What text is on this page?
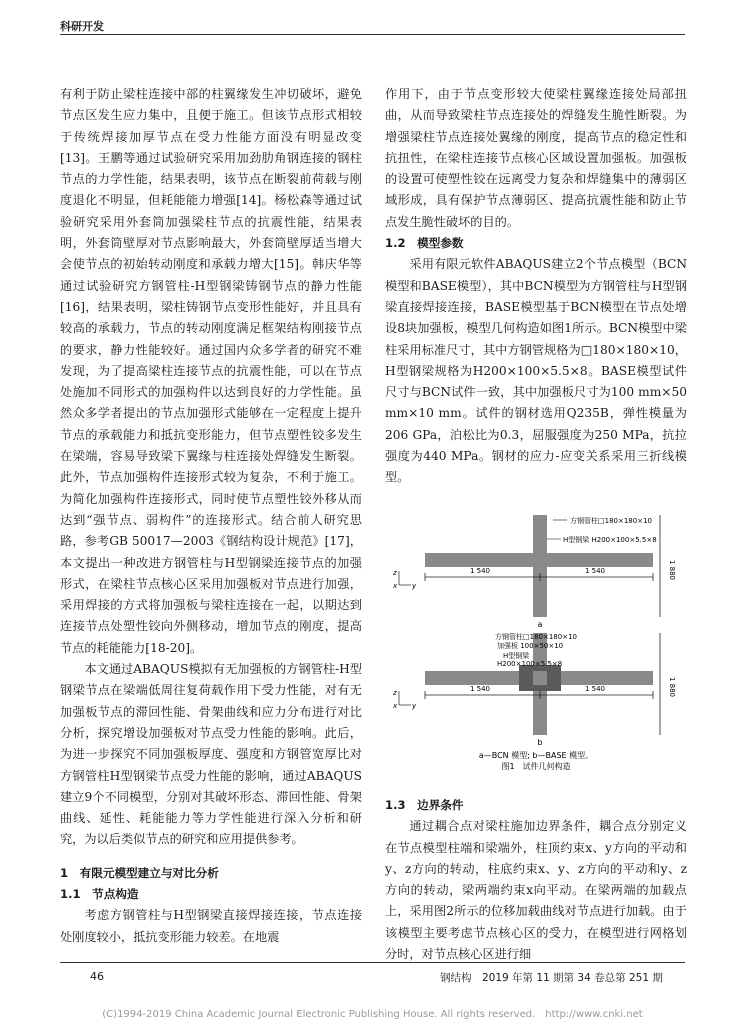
科研开发

有利于防止梁柱连接中部的柱翼缘发生冲切破坏，避免节点区发生应力集中，且便于施工。但该节点形式相较于传统焊接加厚节点在受力性能方面没有明显改变[13]。王鹏等通过试验研究采用加劲肋角钢连接的钢柱节点的力学性能，结果表明，该节点在断裂前荷载与刚度退化不明显，但耗能能力增强[14]。杨松森等通过试验研究采用外套筒加强梁柱节点的抗震性能，结果表明，外套筒壁厚对节点影响最大，外套筒壁厚适当增大会使节点的初始转动刚度和承载力增大[15]。韩庆华等通过试验研究方钢管柱-H型钢梁铸钢节点的静力性能[16]，结果表明，梁柱铸钢节点变形性能好，并且具有较高的承载力，节点的转动刚度满足框架结构刚接节点的要求，静力性能较好。通过国内众多学者的研究不难发现，为了提高梁柱连接节点的抗震性能，可以在节点处施加不同形式的加强构件以达到良好的力学性能。虽然众多学者提出的节点加强形式能够在一定程度上提升节点的承载能力和抵抗变形能力，但节点塑性铰多发生在梁端，容易导致梁下翼缘与柱连接处焊缝发生断裂。此外，节点加强构件连接形式较为复杂，不利于施工。为简化加强构件连接形式，同时使节点塑性铰外移从而达到“强节点、弱构件”的连接形式。结合前人研究思路，参考GB 50017—2003《钢结构设计规范》[17]，本文提出一种改进方钢管柱与H型钢梁连接节点的加强形式，在梁柱节点核心区采用加强板对节点进行加强，采用焊接的方式将加强板与梁柱连接在一起，以期达到连接节点处塑性铰向外侧移动，增加节点的刚度，提高节点的耗能能力[18-20]。

本文通过ABAQUS模拟有无加强板的方钢管柱-H型钢梁节点在梁端低周往复荷载作用下受力性能，对有无加强板节点的滞回性能、骨架曲线和应力分布进行对比分析，探究增设加强板对节点受力性能的影响。此后，为进一步探究不同加强板厚度、强度和方钢管宽厚比对方钢管柱H型钢梁节点受力性能的影响，通过ABAQUS建立9个不同模型，分别对其破坏形态、滞回性能、骨架曲线、延性、耗能能力等力学性能进行深入分析和研究，为以后类似节点的研究和应用提供参考。

1　有限元模型建立与对比分析

1.1　节点构造

考虑方钢管柱与H型钢梁直接焊接连接，节点连接处刚度较小，抵抗变形能力较差。在地震

作用下，由于节点变形较大使梁柱翼缘连接处局部扭曲，从而导致梁柱节点连接处的焊缝发生脆性断裂。为增强梁柱节点连接处翼缘的刚度，提高节点的稳定性和抗扭性，在梁柱连接节点核心区域设置加强板。加强板的设置可使塑性铰在远离受力复杂和焊缝集中的薄弱区域形成，具有保护节点薄弱区、提高抗震性能和防止节点发生脆性破坏的目的。

1.2　模型参数

采用有限元软件ABAQUS建立2个节点模型（BCN模型和BASE模型），其中BCN模型为方钢管柱与H型钢梁直接焊接连接，BASE模型基于BCN模型在节点处增设8块加强板，模型几何构造如图1所示。BCN模型中梁柱采用标准尺寸，其中方钢管规格为□180×180×10，H型钢梁规格为H200×100×5.5×8。BASE模型试件尺寸与BCN试件一致，其中加强板尺寸为100 mm×50 mm×10 mm。试件的钢材选用Q235B，弹性模量为206 GPa，泊松比为0.3，屈服强度为250 MPa，抗拉强度为440 MPa。钢材的应力-应变关系采用三折线模型。

1 540	1 540	1 880
方钢管柱□180×180×10
H型钢梁 H200×100×5.5×8
z
y
x
a
1 540	1 540	1 880
方钢管柱□180×180×10
加强板 100×50×10
H型钢梁
H200×100×5.5×8
z
y
x
b
a—BCN 模型; b—BASE 模型。
图1　试件几何构造

1.3　边界条件

通过耦合点对梁柱施加边界条件，耦合点分别定义在节点模型柱端和梁端外，柱顶约束x、y方向的平动和y、z方向的转动，柱底约束x、y、z方向的平动和y、z方向的转动，梁两端约束x向平动。在梁两端的加载点上，采用图2所示的位移加载曲线对节点进行加载。由于该模型主要考虑节点核心区的受力，在模型进行网格划分时，对节点核心区进行细

46	钢结构　2019 年第 11 期第 34 卷总第 251 期
(C)1994-2019 China Academic Journal Electronic Publishing House. All rights reserved.　http://www.cnki.net
